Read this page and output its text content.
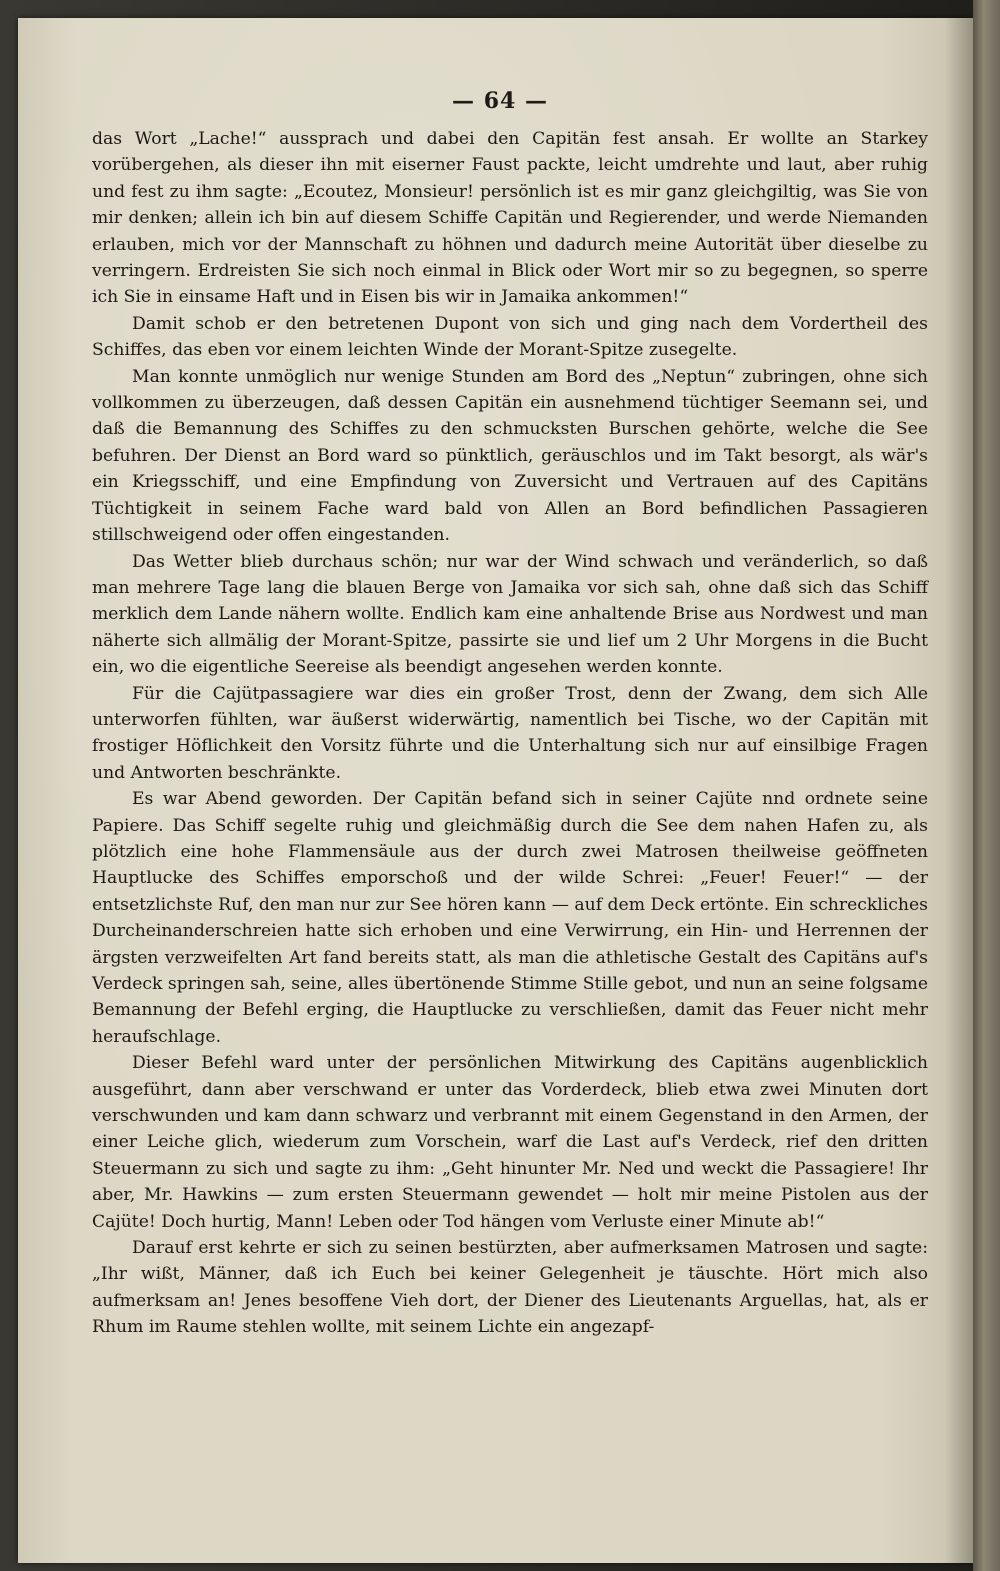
— 64 —

das Wort „Lache!“ aussprach und dabei den Capitän fest ansah. Er wollte an Starkey vorübergehen, als dieser ihn mit eiserner Faust packte, leicht umdrehte und laut, aber ruhig und fest zu ihm sagte: „Ecoutez, Monsieur! persönlich ist es mir ganz gleichgiltig, was Sie von mir denken; allein ich bin auf diesem Schiffe Capitän und Regierender, und werde Niemanden erlauben, mich vor der Mannschaft zu höhnen und dadurch meine Autorität über dieselbe zu verringern. Erdreisten Sie sich noch einmal in Blick oder Wort mir so zu begegnen, so sperre ich Sie in einsame Haft und in Eisen bis wir in Jamaika ankommen!“

Damit schob er den betretenen Dupont von sich und ging nach dem Vordertheil des Schiffes, das eben vor einem leichten Winde der Morant-Spitze zusegelte.

Man konnte unmöglich nur wenige Stunden am Bord des „Neptun“ zubringen, ohne sich vollkommen zu überzeugen, daß dessen Capitän ein ausnehmend tüchtiger Seemann sei, und daß die Bemannung des Schiffes zu den schmucksten Burschen gehörte, welche die See befuhren. Der Dienst an Bord ward so pünktlich, geräuschlos und im Takt besorgt, als wär's ein Kriegsschiff, und eine Empfindung von Zuversicht und Vertrauen auf des Capitäns Tüchtigkeit in seinem Fache ward bald von Allen an Bord befindlichen Passagieren stillschweigend oder offen eingestanden.

Das Wetter blieb durchaus schön; nur war der Wind schwach und veränderlich, so daß man mehrere Tage lang die blauen Berge von Jamaika vor sich sah, ohne daß sich das Schiff merklich dem Lande nähern wollte. Endlich kam eine anhaltende Brise aus Nordwest und man näherte sich allmälig der Morant-Spitze, passirte sie und lief um 2 Uhr Morgens in die Bucht ein, wo die eigentliche Seereise als beendigt angesehen werden konnte.

Für die Cajütpassagiere war dies ein großer Trost, denn der Zwang, dem sich Alle unterworfen fühlten, war äußerst widerwärtig, namentlich bei Tische, wo der Capitän mit frostiger Höflichkeit den Vorsitz führte und die Unterhaltung sich nur auf einsilbige Fragen und Antworten beschränkte.

Es war Abend geworden. Der Capitän befand sich in seiner Cajüte nnd ordnete seine Papiere. Das Schiff segelte ruhig und gleichmäßig durch die See dem nahen Hafen zu, als plötzlich eine hohe Flammensäule aus der durch zwei Matrosen theilweise geöffneten Hauptlucke des Schiffes emporschoß und der wilde Schrei: „Feuer! Feuer!“ — der entsetzlichste Ruf, den man nur zur See hören kann — auf dem Deck ertönte. Ein schreckliches Durcheinanderschreien hatte sich erhoben und eine Verwirrung, ein Hin- und Herrennen der ärgsten verzweifelten Art fand bereits statt, als man die athletische Gestalt des Capitäns auf's Verdeck springen sah, seine, alles übertönende Stimme Stille gebot, und nun an seine folgsame Bemannung der Befehl erging, die Hauptlucke zu verschließen, damit das Feuer nicht mehr heraufschlage.

Dieser Befehl ward unter der persönlichen Mitwirkung des Capitäns augenblicklich ausgeführt, dann aber verschwand er unter das Vorderdeck, blieb etwa zwei Minuten dort verschwunden und kam dann schwarz und verbrannt mit einem Gegenstand in den Armen, der einer Leiche glich, wiederum zum Vorschein, warf die Last auf's Verdeck, rief den dritten Steuermann zu sich und sagte zu ihm: „Geht hinunter Mr. Ned und weckt die Passagiere! Ihr aber, Mr. Hawkins — zum ersten Steuermann gewendet — holt mir meine Pistolen aus der Cajüte! Doch hurtig, Mann! Leben oder Tod hängen vom Verluste einer Minute ab!“

Darauf erst kehrte er sich zu seinen bestürzten, aber aufmerksamen Matrosen und sagte: „Ihr wißt, Männer, daß ich Euch bei keiner Gelegenheit je täuschte. Hört mich also aufmerksam an! Jenes besoffene Vieh dort, der Diener des Lieutenants Arguellas, hat, als er Rhum im Raume stehlen wollte, mit seinem Lichte ein angezapf-
